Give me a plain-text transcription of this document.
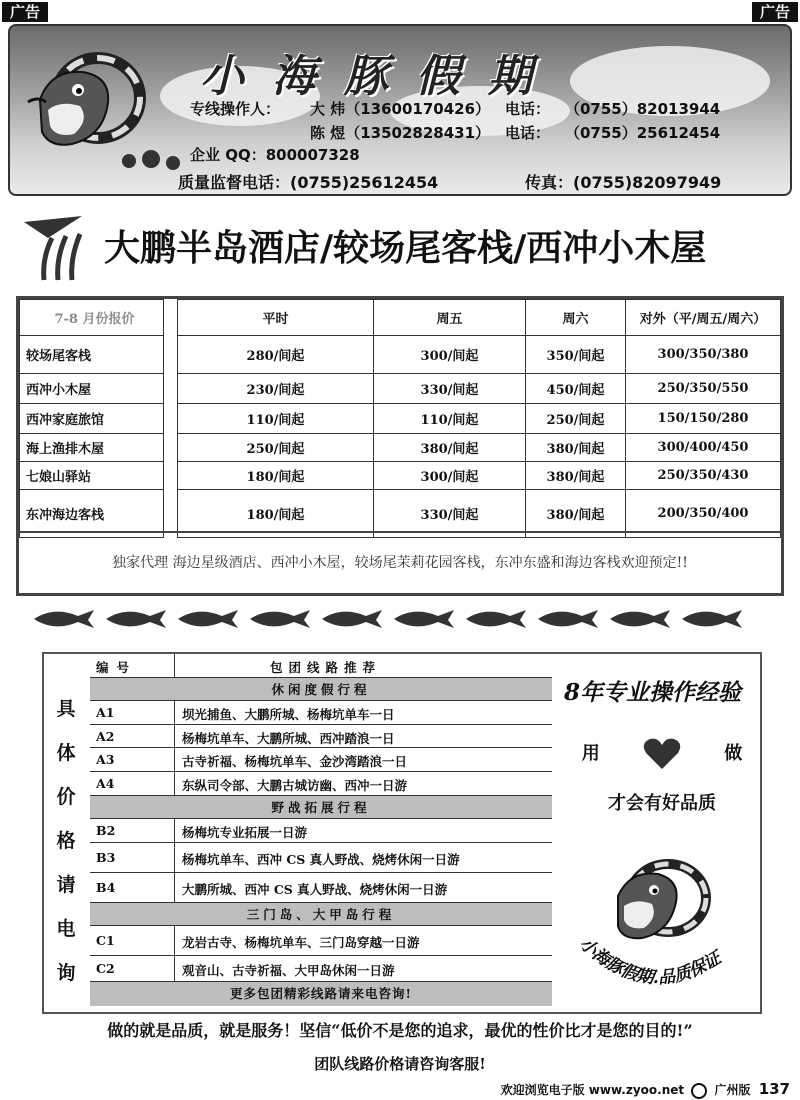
广告	广告
小海豚假期
专线操作人： 大 炜（13600170426） 电话： （0755）82013944
陈 煜（13502828431） 电话： （0755）25612454
企业 QQ：800007328
质量监督电话：(0755)25612454	传真：(0755)82097949
大鹏半岛酒店/较场尾客栈/西冲小木屋
7-8 月份报价		平时	周五	周六	对外（平/周五/周六）
较场尾客栈		280/间起	300/间起	350/间起	300/350/380
西冲小木屋		230/间起	330/间起	450/间起	250/350/550
西冲家庭旅馆		110/间起	110/间起	250/间起	150/150/280
海上渔排木屋		250/间起	380/间起	380/间起	300/400/450
七娘山驿站		180/间起	300/间起	380/间起	250/350/430
东冲海边客栈		180/间起	330/间起	380/间起	200/350/400
独家代理 海边星级酒店、西冲小木屋，较场尾茉莉花园客栈，东冲东盛和海边客栈欢迎预定!!
具
体
价
格
请
电
询
编号	包团线路推荐
休闲度假行程
A1	坝光捕鱼、大鹏所城、杨梅坑单车一日
A2	杨梅坑单车、大鹏所城、西冲踏浪一日
A3	古寺祈福、杨梅坑单车、金沙湾踏浪一日
A4	东纵司令部、大鹏古城访幽、西冲一日游
野战拓展行程
B2	杨梅坑专业拓展一日游
B3	杨梅坑单车、西冲 CS 真人野战、烧烤休闲一日游
B4	大鹏所城、西冲 CS 真人野战、烧烤休闲一日游
三门岛、大甲岛行程
C1	龙岩古寺、杨梅坑单车、三门岛穿越一日游
C2	观音山、古寺祈福、大甲岛休闲一日游
更多包团精彩线路请来电咨询!
8年专业操作经验
用	做
才会有好品质
小海豚假期.品质保证
做的就是品质，就是服务！坚信“低价不是您的追求，最优的性价比才是您的目的!”
团队线路价格请咨询客服!
欢迎浏览电子版 www.zyoo.net	广州版 137
